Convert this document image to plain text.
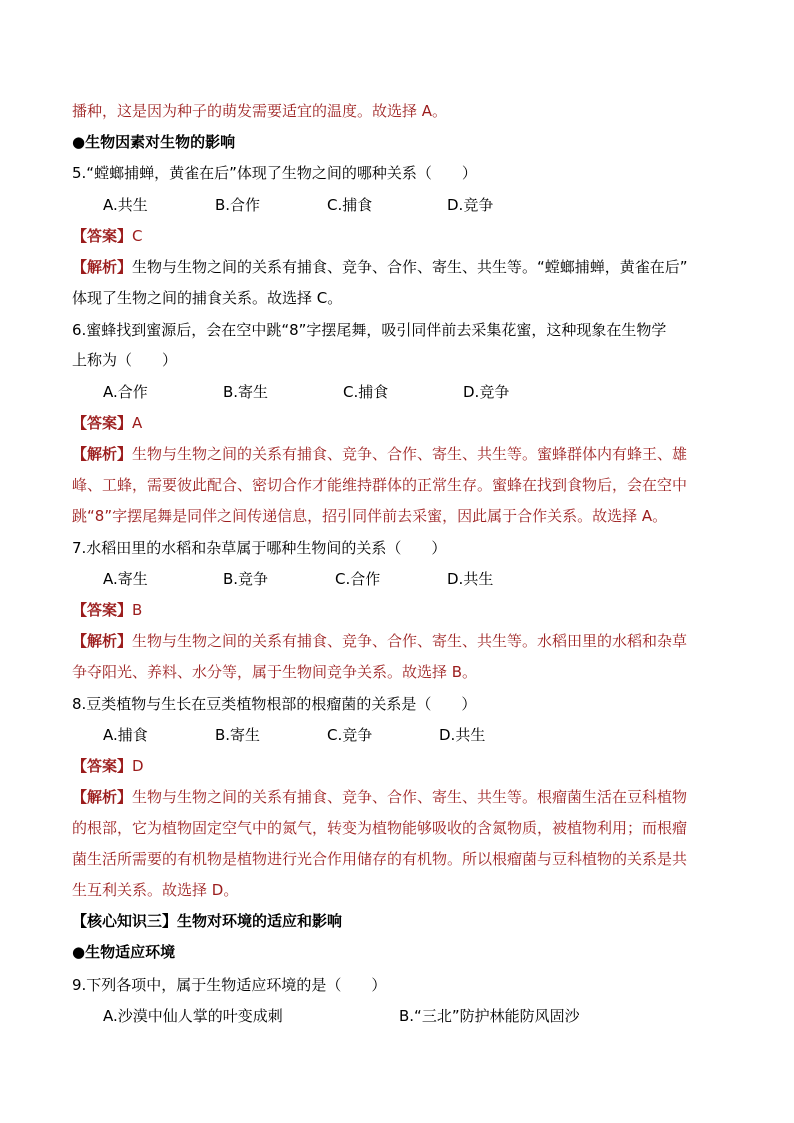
播种，这是因为种子的萌发需要适宜的温度。故选择 A。
●生物因素对生物的影响
5.“螳螂捕蝉，黄雀在后”体现了生物之间的哪种关系（　　）
A.共生	B.合作	C.捕食	D.竞争
【答案】C
【解析】生物与生物之间的关系有捕食、竞争、合作、寄生、共生等。“螳螂捕蝉，黄雀在后”
体现了生物之间的捕食关系。故选择 C。
6.蜜蜂找到蜜源后，会在空中跳“8”字摆尾舞，吸引同伴前去采集花蜜，这种现象在生物学
上称为（　　）
A.合作	B.寄生	C.捕食	D.竞争
【答案】A
【解析】生物与生物之间的关系有捕食、竞争、合作、寄生、共生等。蜜蜂群体内有蜂王、雄
峰、工蜂，需要彼此配合、密切合作才能维持群体的正常生存。蜜蜂在找到食物后，会在空中
跳“8”字摆尾舞是同伴之间传递信息，招引同伴前去采蜜，因此属于合作关系。故选择 A。
7.水稻田里的水稻和杂草属于哪种生物间的关系（　　）
A.寄生	B.竞争	C.合作	D.共生
【答案】B
【解析】生物与生物之间的关系有捕食、竞争、合作、寄生、共生等。水稻田里的水稻和杂草
争夺阳光、养料、水分等，属于生物间竞争关系。故选择 B。
8.豆类植物与生长在豆类植物根部的根瘤菌的关系是（　　）
A.捕食	B.寄生	C.竞争	D.共生
【答案】D
【解析】生物与生物之间的关系有捕食、竞争、合作、寄生、共生等。根瘤菌生活在豆科植物
的根部，它为植物固定空气中的氮气，转变为植物能够吸收的含氮物质，被植物利用；而根瘤
菌生活所需要的有机物是植物进行光合作用储存的有机物。所以根瘤菌与豆科植物的关系是共
生互利关系。故选择 D。
【核心知识三】生物对环境的适应和影响
●生物适应环境
9.下列各项中，属于生物适应环境的是（　　）
A.沙漠中仙人掌的叶变成刺	B.“三北”防护林能防风固沙
